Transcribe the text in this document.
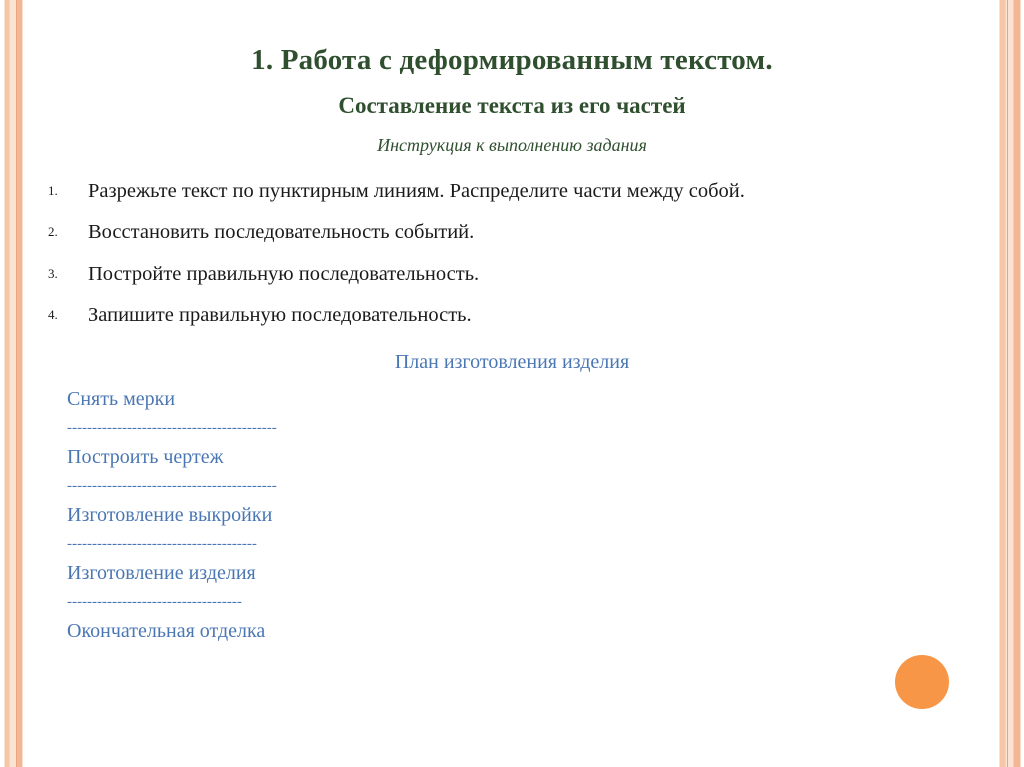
1. Работа с деформированным текстом.
Составление текста из его частей
Инструкция к выполнению задания
Разрежьте текст по пунктирным линиям. Распределите части между собой.
Восстановить последовательность событий.
Постройте правильную последовательность.
Запишите правильную последовательность.
План изготовления изделия
Снять мерки
------------------------------------------
Построить чертеж
------------------------------------------
Изготовление выкройки
--------------------------------------
Изготовление изделия
-----------------------------------
Окончательная отделка
